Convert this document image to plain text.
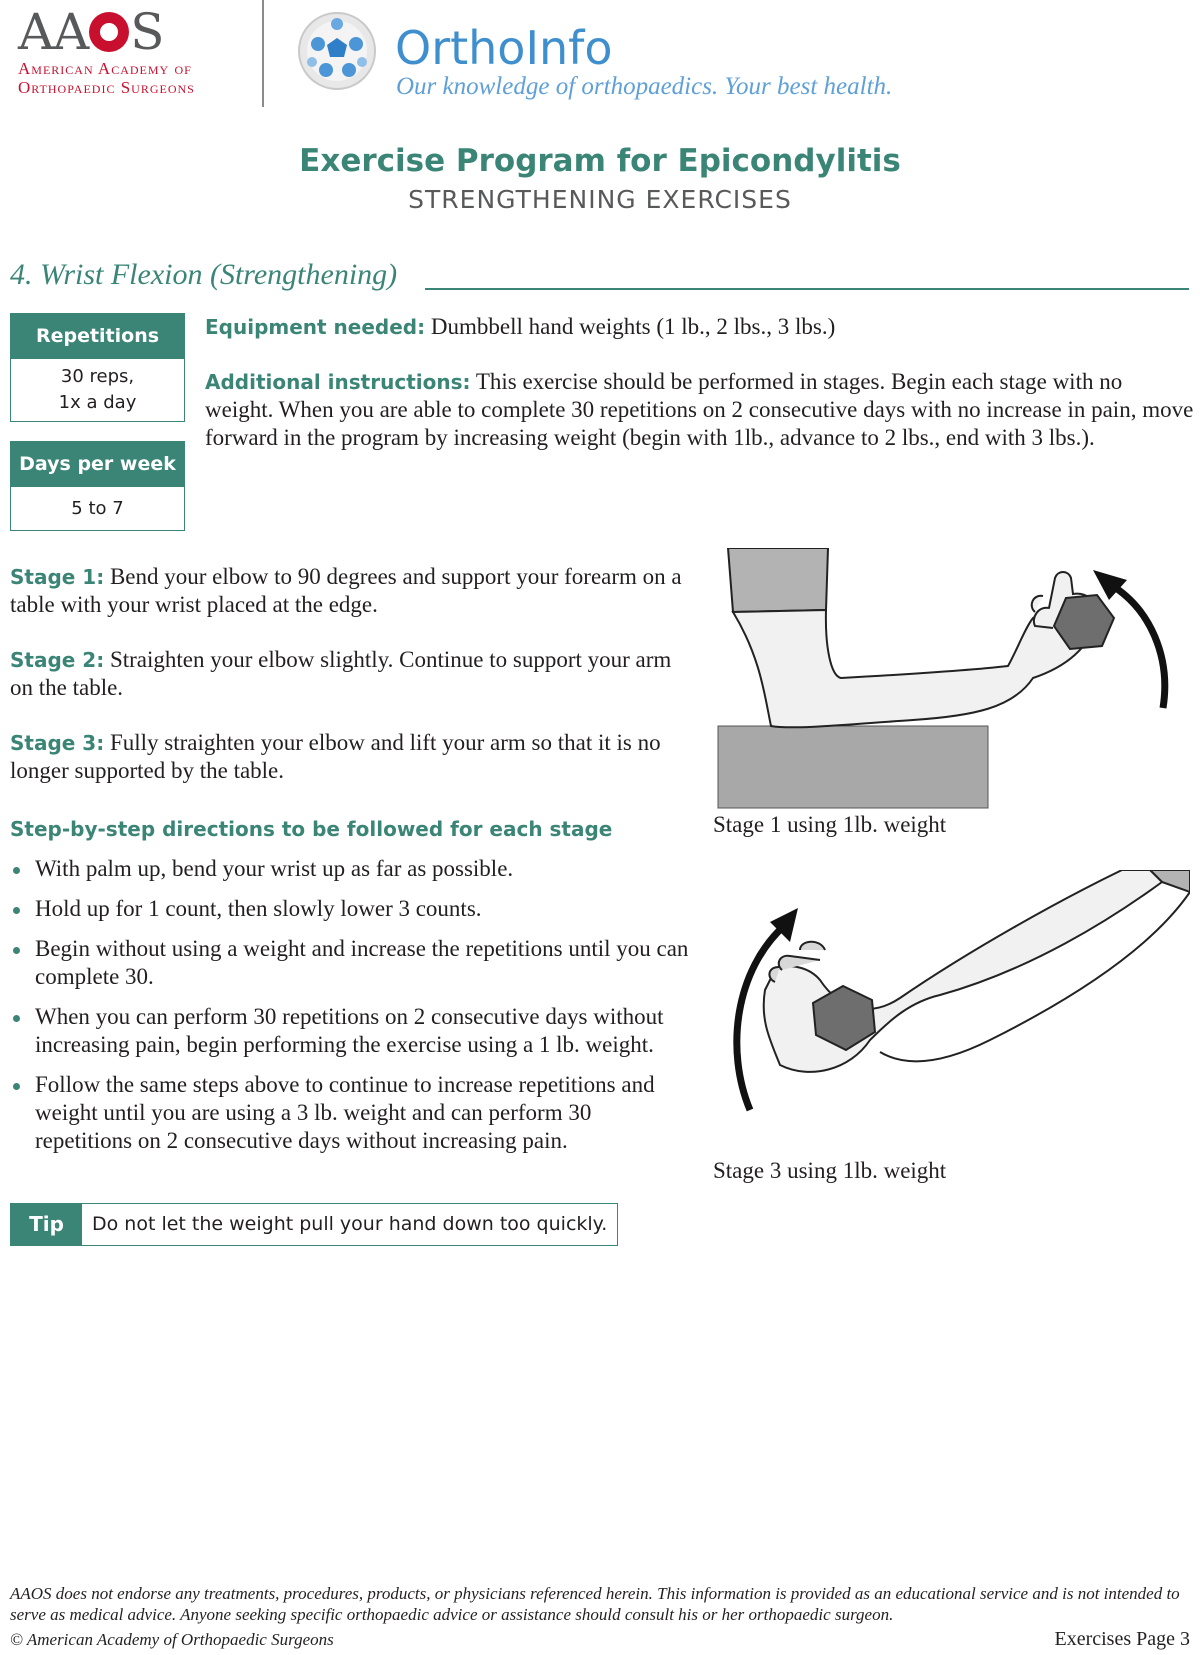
AA S
American Academy of
Orthopaedic Surgeons
OrthoInfo
Our knowledge of orthopaedics. Your best health.
Exercise Program for Epicondylitis
STRENGTHENING EXERCISES
4. Wrist Flexion (Strengthening)
Repetitions
30 reps,
1x a day
Days per week
5 to 7
Equipment needed: Dumbbell hand weights (1 lb., 2 lbs., 3 lbs.)
Additional instructions: This exercise should be performed in stages. Begin each stage with no weight. When you are able to complete 30 repetitions on 2 consecutive days with no increase in pain, move forward in the program by increasing weight (begin with 1lb., advance to 2 lbs., end with 3 lbs.).
Stage 1: Bend your elbow to 90 degrees and support your forearm on a table with your wrist placed at the edge.
Stage 2: Straighten your elbow slightly. Continue to support your arm on the table.
Stage 3: Fully straighten your elbow and lift your arm so that it is no longer supported by the table.
Step-by-step directions to be followed for each stage
With palm up, bend your wrist up as far as possible.
Hold up for 1 count, then slowly lower 3 counts.
Begin without using a weight and increase the repetitions until you can complete 30.
When you can perform 30 repetitions on 2 consecutive days without increasing pain, begin performing the exercise using a 1 lb. weight.
Follow the same steps above to continue to increase repetitions and weight until you are using a 3 lb. weight and can perform 30 repetitions on 2 consecutive days without increasing pain.
Tip	Do not let the weight pull your hand down too quickly.
Stage 1 using 1lb. weight
Stage 3 using 1lb. weight
AAOS does not endorse any treatments, procedures, products, or physicians referenced herein. This information is provided as an educational service and is not intended to serve as medical advice. Anyone seeking specific orthopaedic advice or assistance should consult his or her orthopaedic surgeon.
© American Academy of Orthopaedic Surgeons	Exercises Page 3
